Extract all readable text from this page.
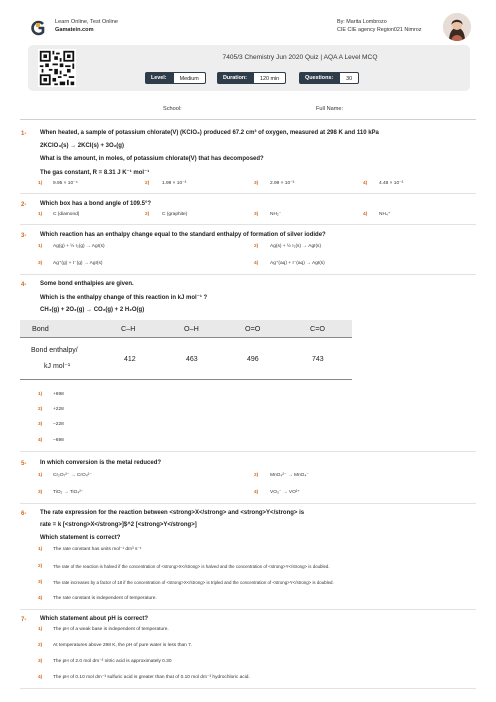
Learn Online, Test Online
Gamatein.com
By: Marita Lombrozo
CIE CIE agency Region021 Nimroz
7405/3 Chemistry Jun 2020 Quiz | AQA A Level MCQ
Level:	Medium	Duration:	120 min	Questions:	30
School:	Full Name:
1- When heated, a sample of potassium chlorate(V) (KClO₃) produced 67.2 cm³ of oxygen, measured at 298 K and 110 kPa
2KClO₃(s) → 2KCl(s) + 3O₂(g)
What is the amount, in moles, of potassium chlorate(V) that has decomposed?
The gas constant, R = 8.31 J K⁻¹ mol⁻¹
1) 9.95 × 10⁻⁴	2)	1.99 × 10⁻³	3) 2.99 × 10⁻³	4) 4.48 × 10⁻³
2- Which box has a bond angle of 109.5°?
1) C (diamond)	2)	C (graphite)	3) NH₂⁻	4) NH₄⁺
3- Which reaction has an enthalpy change equal to the standard enthalpy of formation of silver iodide?
1) Ag(g) + ½ I₂(g) → AgI(s)	2) Ag(s) + ½ I₂(s) → AgI(s)
3) Ag⁺(g) + I⁻(g) → AgI(s)	4) Ag⁺(aq) + I⁻(aq) → AgI(s)
4- Some bond enthalpies are given.
Which is the enthalpy change of this reaction in kJ mol⁻¹ ?
CH₄(g) + 2O₂(g) → CO₂(g) + 2 H₂O(g)
Bond	C–H	O–H	O=O	C=O
Bond enthalpy/
kJ mol⁻¹
412	463	496	743
1) +698
2) +228
3) −228
4) −698
5- In which conversion is the metal reduced?
1) Cr₂O₇²⁻ → CrO₄²⁻	2) MnO₄²⁻ → MnO₄⁻
3) TiO₂ → TiO₄²⁻	4) VO₃⁻ → VO²⁺
6- The rate expression for the reaction between <strong>X</strong> and <strong>Y</strong> is
rate = k [<strong>X</strong>]$^2 [<strong>Y</strong>]
Which statement is correct?
1) The rate constant has units mol⁻¹ dm³ s⁻¹
2) The rate of the reaction is halved if the concentration of <strong>X</strong> is halved and the concentration of <strong>Y</strong> is doubled.
3) The rate increases by a factor of 18 if the concentration of <strong>X</strong> is tripled and the concentration of <strong>Y</strong> is doubled.
4) The rate constant is independent of temperature.
7- Which statement about pH is correct?
1) The pH of a weak base is independent of temperature.
2) At temperatures above 298 K, the pH of pure water is less than 7.
3) The pH of 2.0 mol dm⁻³ nitric acid is approximately 0.30
4) The pH of 0.10 mol dm⁻³ sulfuric acid is greater than that of 0.10 mol dm⁻³ hydrochloric acid.
